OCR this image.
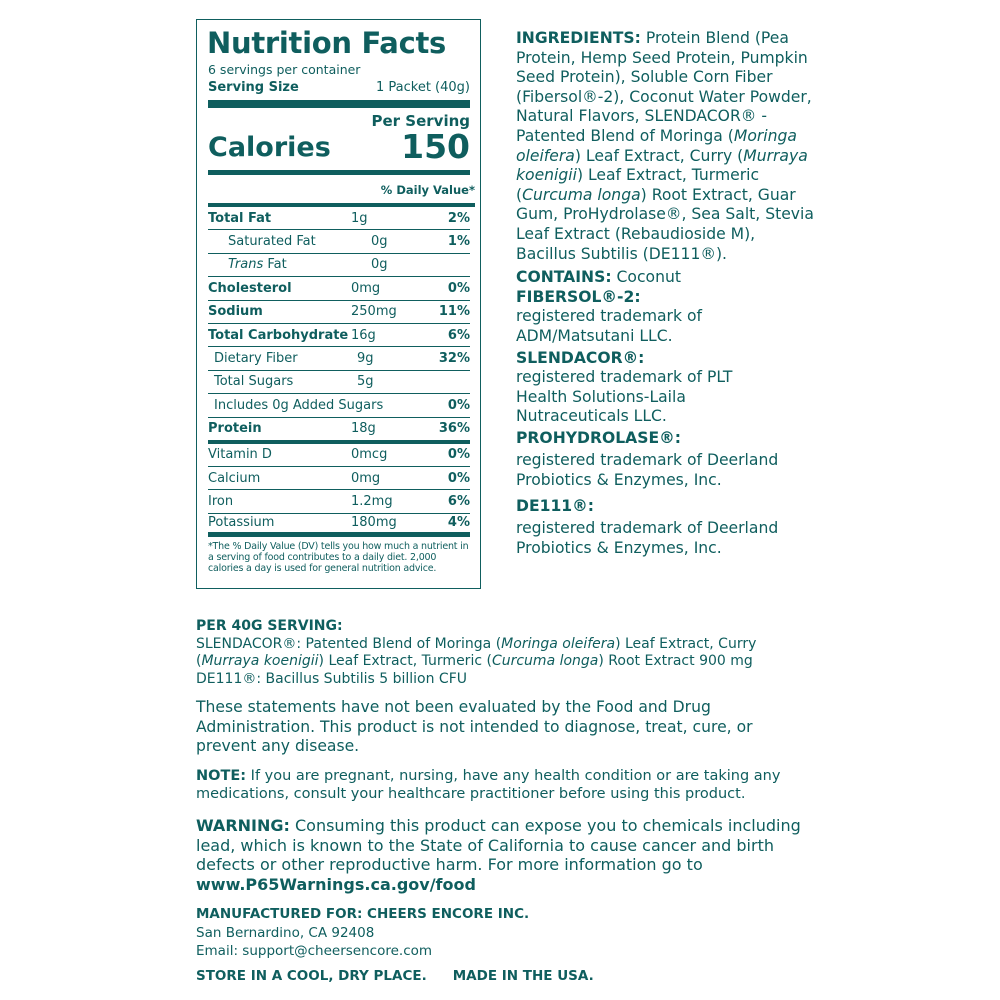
Nutrition Facts
6 servings per container
Serving Size	1 Packet (40g)
Per Serving
Calories 150
% Daily Value*
Total Fat	1g	2%
Saturated Fat	0g	1%
Trans Fat	0g
Cholesterol	0mg	0%
Sodium	250mg	11%
Total Carbohydrate 16g	6%
Dietary Fiber	9g	32%
Total Sugars	5g
Includes 0g Added Sugars	0%
Protein	18g	36%
Vitamin D	0mcg	0%
Calcium	0mg	0%
Iron	1.2mg	6%
Potassium	180mg	4%
*The % Daily Value (DV) tells you how much a nutrient in a serving of food contributes to a daily diet. 2,000 calories a day is used for general nutrition advice.

INGREDIENTS: Protein Blend (Pea Protein, Hemp Seed Protein, Pumpkin Seed Protein), Soluble Corn Fiber (Fibersol®-2), Coconut Water Powder, Natural Flavors, SLENDACOR® - Patented Blend of Moringa (Moringa oleifera) Leaf Extract, Curry (Murraya koenigii) Leaf Extract, Turmeric (Curcuma longa) Root Extract, Guar Gum, ProHydrolase®, Sea Salt, Stevia Leaf Extract (Rebaudioside M), Bacillus Subtilis (DE111®).

CONTAINS: Coconut

FIBERSOL®-2:

registered trademark of ADM/Matsutani LLC.

SLENDACOR®:

registered trademark of PLT Health Solutions-Laila Nutraceuticals LLC.

PROHYDROLASE®:

registered trademark of Deerland Probiotics & Enzymes, Inc.

DE111®:

registered trademark of Deerland Probiotics & Enzymes, Inc.

PER 40G SERVING:
SLENDACOR®: Patented Blend of Moringa (Moringa oleifera) Leaf Extract, Curry (Murraya koenigii) Leaf Extract, Turmeric (Curcuma longa) Root Extract 900 mg
DE111®: Bacillus Subtilis 5 billion CFU
These statements have not been evaluated by the Food and Drug Administration. This product is not intended to diagnose, treat, cure, or prevent any disease.
NOTE: If you are pregnant, nursing, have any health condition or are taking any medications, consult your healthcare practitioner before using this product.
WARNING: Consuming this product can expose you to chemicals including lead, which is known to the State of California to cause cancer and birth defects or other reproductive harm. For more information go to www.P65Warnings.ca.gov/food
MANUFACTURED FOR: CHEERS ENCORE INC.
San Bernardino, CA 92408
Email: support@cheersencore.com
STORE IN A COOL, DRY PLACE. MADE IN THE USA.
